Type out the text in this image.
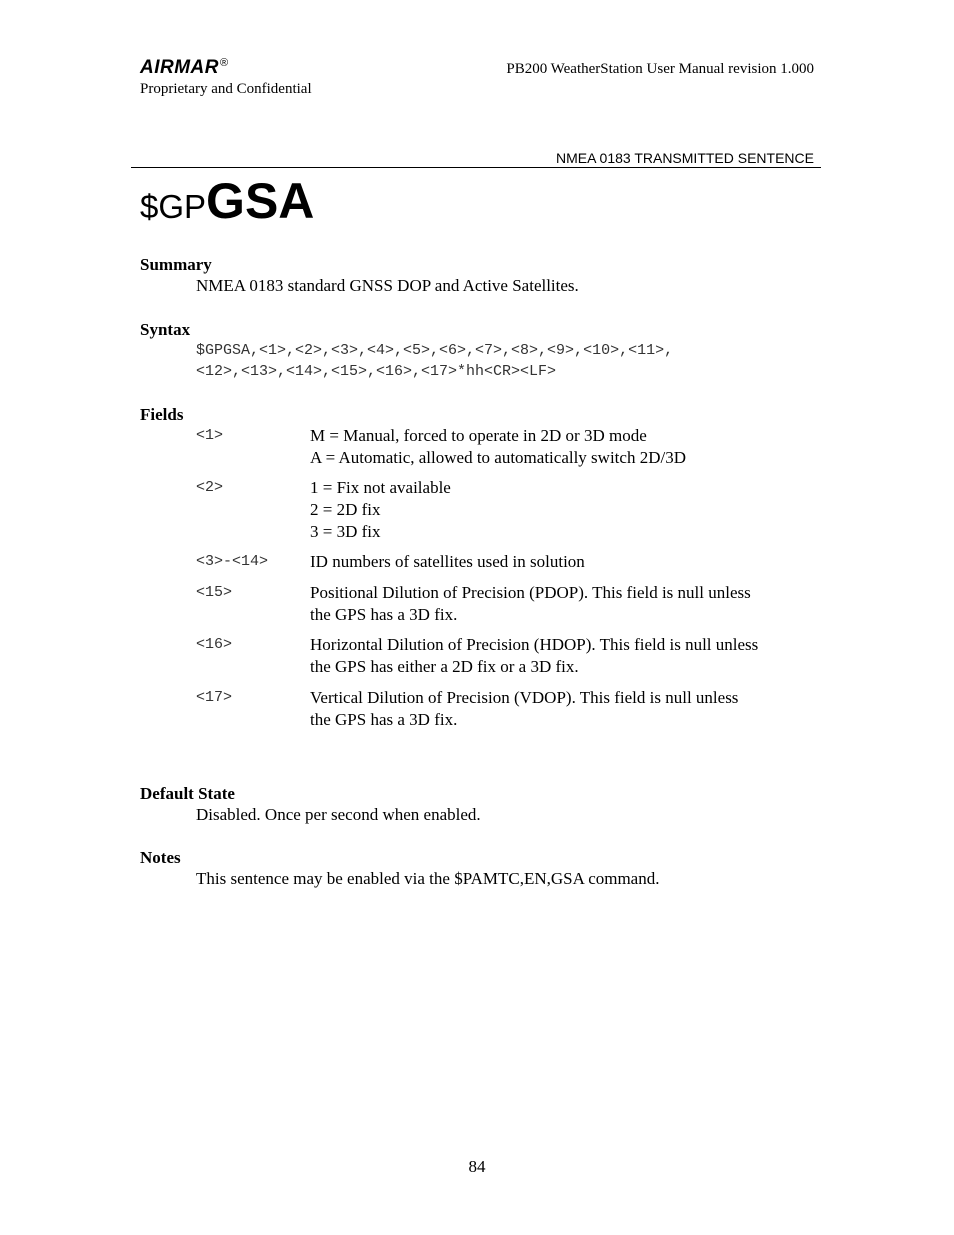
AIRMAR®
Proprietary and Confidential
PB200 WeatherStation User Manual revision 1.000
NMEA 0183 TRANSMITTED SENTENCE
$GPGSA
Summary
NMEA 0183 standard GNSS DOP and Active Satellites.
Syntax
$GPGSA,<1>,<2>,<3>,<4>,<5>,<6>,<7>,<8>,<9>,<10>,<11>,
<12>,<13>,<14>,<15>,<16>,<17>*hh<CR><LF>
Fields
<1>	M = Manual, forced to operate in 2D or 3D mode
A = Automatic, allowed to automatically switch 2D/3D
<2>	1 = Fix not available
2 = 2D fix
3 = 3D fix
<3>-<14> ID numbers of satellites used in solution
<15>	Positional Dilution of Precision (PDOP). This field is null unless
the GPS has a 3D fix.
<16>	Horizontal Dilution of Precision (HDOP). This field is null unless
the GPS has either a 2D fix or a 3D fix.
<17>	Vertical Dilution of Precision (VDOP). This field is null unless
the GPS has a 3D fix.
Default State
Disabled. Once per second when enabled.
Notes
This sentence may be enabled via the $PAMTC,EN,GSA command.
84
